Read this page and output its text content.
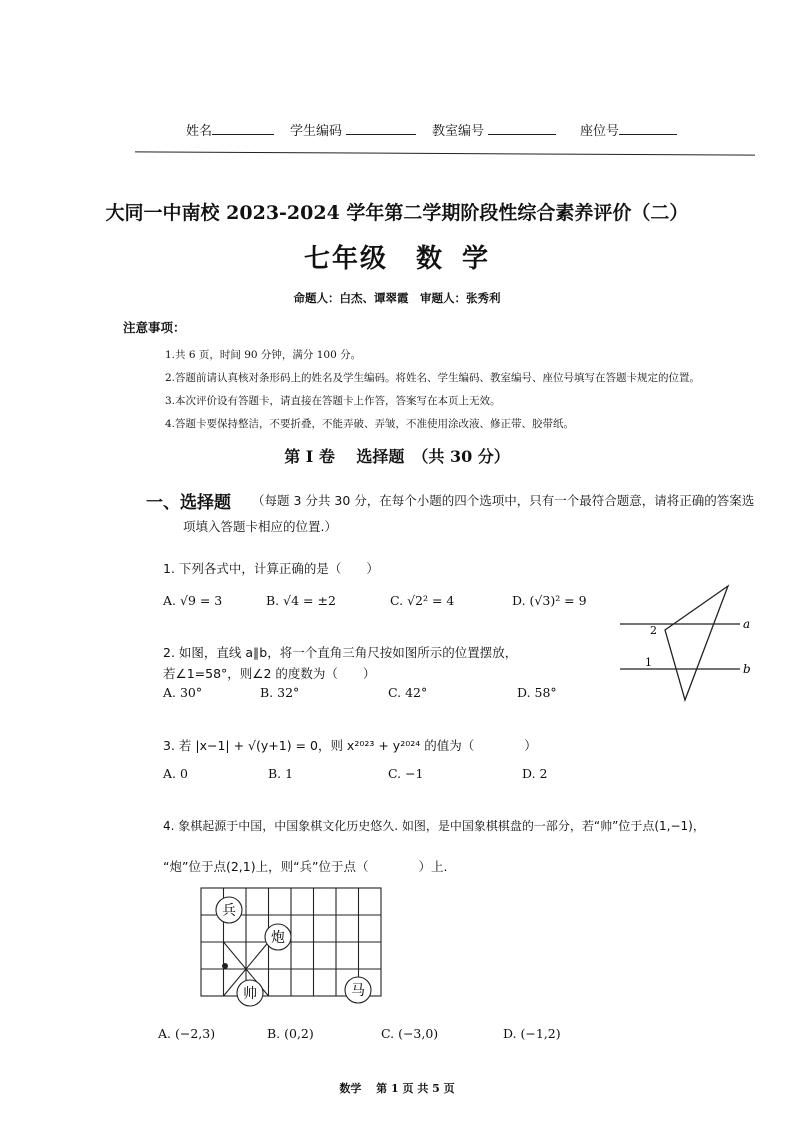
姓名	学生编码	教室编号	座位号
大同一中南校 2023-2024 学年第二学期阶段性综合素养评价（二）
七年级 数 学
命题人：白杰、谭翠霞　审题人：张秀利
注意事项：
1.共 6 页，时间 90 分钟，满分 100 分。
2.答题前请认真核对条形码上的姓名及学生编码。将姓名、学生编码、教室编号、座位号填写在答题卡规定的位置。
3.本次评价设有答题卡，请直接在答题卡上作答，答案写在本页上无效。
4.答题卡要保持整洁，不要折叠，不能弄破、弄皱，不准使用涂改液、修正带、胶带纸。
第 I 卷　 选择题　（共 30 分）
一、选择题 （每题 3 分共 30 分，在每个小题的四个选项中，只有一个最符合题意，请将正确的答案选
项填入答题卡相应的位置.）
1. 下列各式中，计算正确的是（　　）
A. √9 = 3	B. √4 = ±2	C. √2² = 4	D. (√3)² = 9
2. 如图，直线 a∥b，将一个直角三角尺按如图所示的位置摆放，
若∠1=58°，则∠2 的度数为（　　）
A. 30°	B. 32°	C. 42°	D. 58°
a
b
2
1
3. 若 |x−1| + √(y+1) = 0，则 x²⁰²³ + y²⁰²⁴ 的值为（　　　　）
A. 0	B. 1	C. −1	D. 2
4. 象棋起源于中国，中国象棋文化历史悠久. 如图，是中国象棋棋盘的一部分，若“帅”位于点(1,−1)，
“炮”位于点(2,1)上，则“兵”位于点（　　　　）上.
兵
炮
帅	马
A. (−2,3)	B. (0,2)	C. (−3,0)	D. (−1,2)
数学　 第 1 页 共 5 页
